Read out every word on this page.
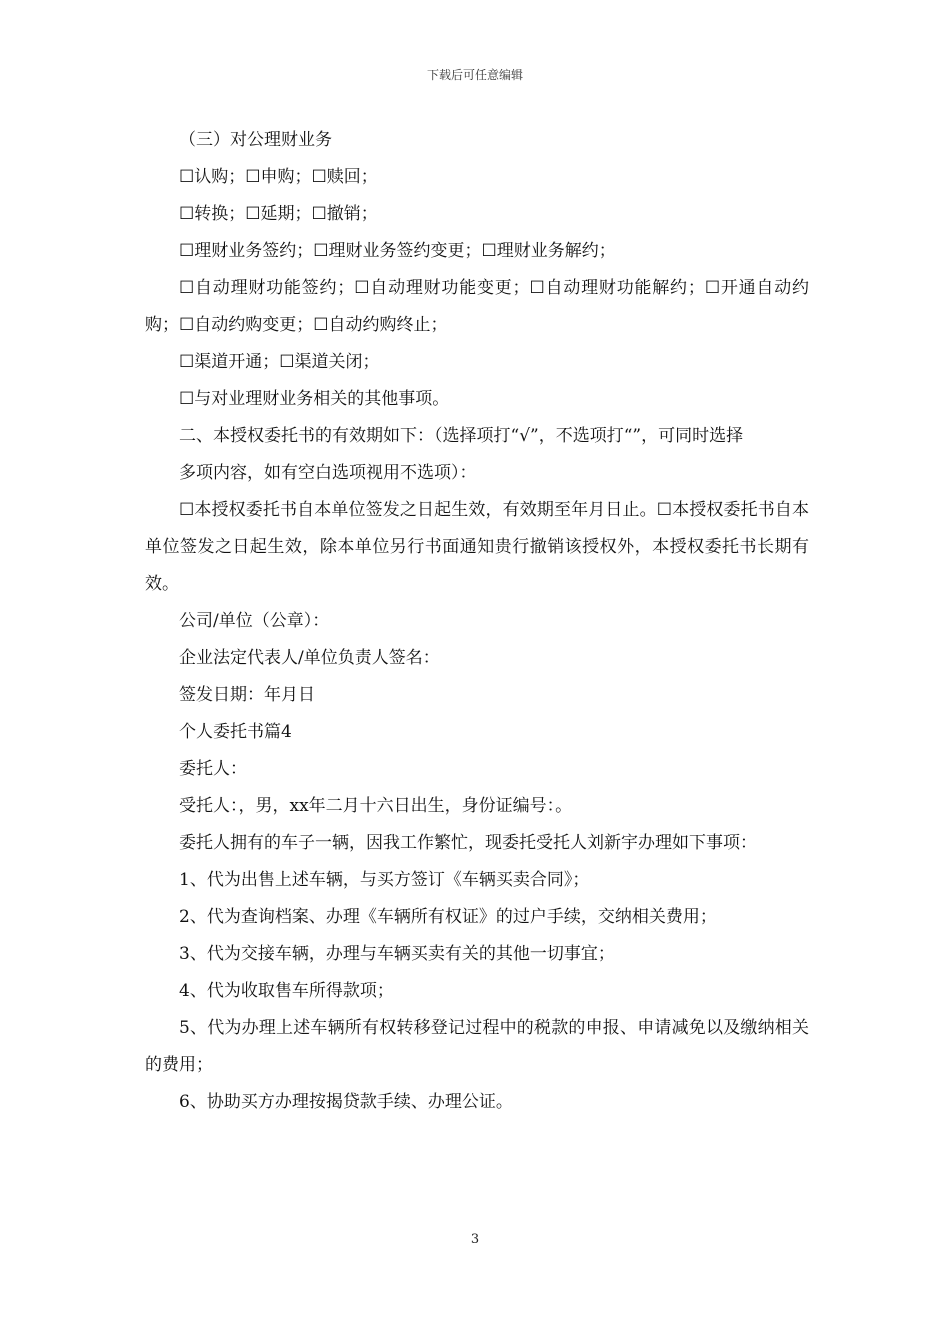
下载后可任意编辑

（三）对公理财业务

☐认购；☐申购；☐赎回；

☐转换；☐延期；☐撤销；

☐理财业务签约；☐理财业务签约变更；☐理财业务解约；

☐自动理财功能签约；☐自动理财功能变更；☐自动理财功能解约；☐开通自动约购；☐自动约购变更；☐自动约购终止；

☐渠道开通；☐渠道关闭；

☐与对业理财业务相关的其他事项。

二、本授权委托书的有效期如下：（选择项打“√”，不选项打“”，可同时选择

多项内容，如有空白选项视用不选项）：

☐本授权委托书自本单位签发之日起生效，有效期至年月日止。☐本授权委托书自本单位签发之日起生效，除本单位另行书面通知贵行撤销该授权外，本授权委托书长期有效。

公司/单位（公章）：

企业法定代表人/单位负责人签名：

签发日期：年月日

个人委托书篇4

委托人：

受托人：，男，xx年二月十六日出生，身份证编号：。

委托人拥有的车子一辆，因我工作繁忙，现委托受托人刘新宇办理如下事项：

1、代为出售上述车辆，与买方签订《车辆买卖合同》；

2、代为查询档案、办理《车辆所有权证》的过户手续，交纳相关费用；

3、代为交接车辆，办理与车辆买卖有关的其他一切事宜；

4、代为收取售车所得款项；

5、代为办理上述车辆所有权转移登记过程中的税款的申报、申请减免以及缴纳相关的费用；

6、协助买方办理按揭贷款手续、办理公证。

3
